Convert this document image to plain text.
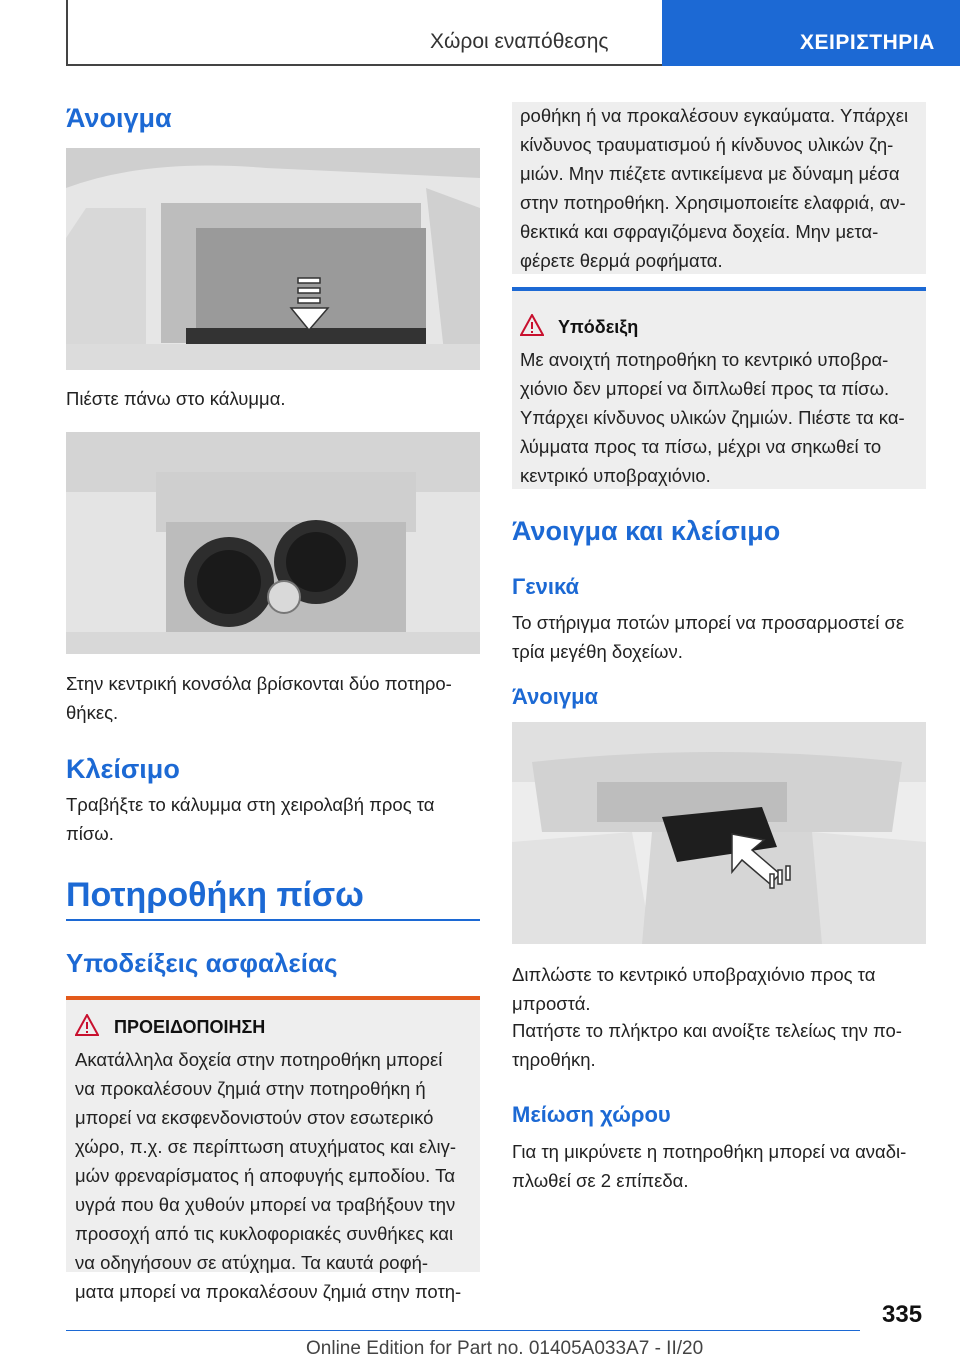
Χώροι εναπόθεσης	ΧΕΙΡΙΣΤΗΡΙΑ
Άνοιγμα
Πιέστε πάνω στο κάλυμμα.
Στην κεντρική κονσόλα βρίσκονται δύο ποτηρο-
θήκες.
Κλείσιμο
Τραβήξτε το κάλυμμα στη χειρολαβή προς τα
πίσω.
Ποτηροθήκη πίσω
Υποδείξεις ασφαλείας
ΠΡΟΕΙΔΟΠΟΙΗΣΗ
Ακατάλληλα δοχεία στην ποτηροθήκη μπορεί
να προκαλέσουν ζημιά στην ποτηροθήκη ή
μπορεί να εκσφενδονιστούν στον εσωτερικό
χώρο, π.χ. σε περίπτωση ατυχήματος και ελιγ-
μών φρεναρίσματος ή αποφυγής εμποδίου. Τα
υγρά που θα χυθούν μπορεί να τραβήξουν την
προσοχή από τις κυκλοφοριακές συνθήκες και
να οδηγήσουν σε ατύχημα. Τα καυτά ροφή-
ματα μπορεί να προκαλέσουν ζημιά στην ποτη-
ροθήκη ή να προκαλέσουν εγκαύματα. Υπάρχει
κίνδυνος τραυματισμού ή κίνδυνος υλικών ζη-
μιών. Μην πιέζετε αντικείμενα με δύναμη μέσα
στην ποτηροθήκη. Χρησιμοποιείτε ελαφριά, αν-
θεκτικά και σφραγιζόμενα δοχεία. Μην μετα-
φέρετε θερμά ροφήματα.
Υπόδειξη
Με ανοιχτή ποτηροθήκη το κεντρικό υποβρα-
χιόνιο δεν μπορεί να διπλωθεί προς τα πίσω.
Υπάρχει κίνδυνος υλικών ζημιών. Πιέστε τα κα-
λύμματα προς τα πίσω, μέχρι να σηκωθεί το
κεντρικό υποβραχιόνιο.
Άνοιγμα και κλείσιμο
Γενικά
Το στήριγμα ποτών μπορεί να προσαρμοστεί σε
τρία μεγέθη δοχείων.
Άνοιγμα
Διπλώστε το κεντρικό υποβραχιόνιο προς τα
μπροστά.
Πατήστε το πλήκτρο και ανοίξτε τελείως την πο-
τηροθήκη.
Μείωση χώρου
Για τη μικρύνετε η ποτηροθήκη μπορεί να αναδι-
πλωθεί σε 2 επίπεδα.
335
Online Edition for Part no. 01405A033A7 - II/20
